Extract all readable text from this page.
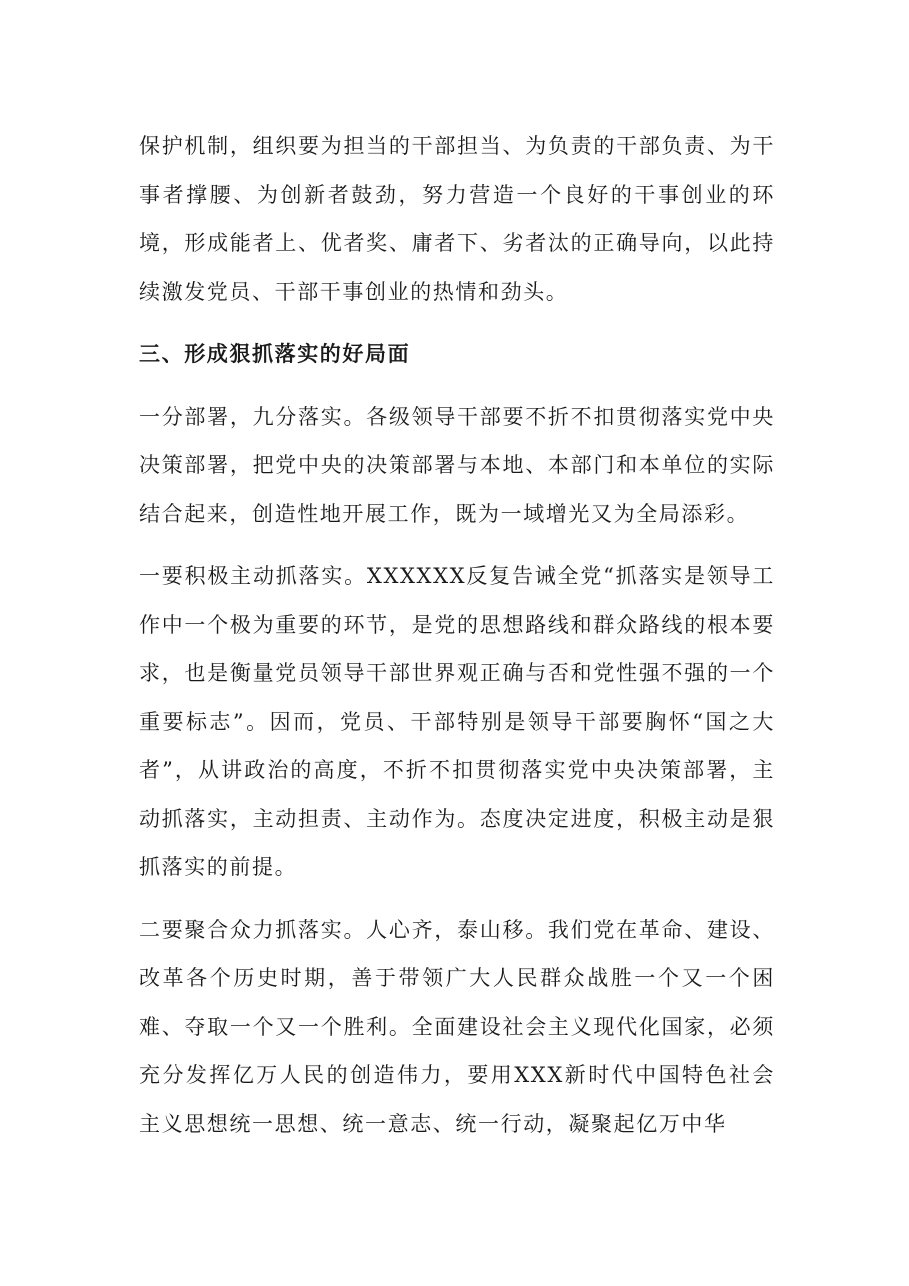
保护机制，组织要为担当的干部担当、为负责的干部负责、为干事者撑腰、为创新者鼓劲，努力营造一个良好的干事创业的环境，形成能者上、优者奖、庸者下、劣者汰的正确导向，以此持续激发党员、干部干事创业的热情和劲头。

三、形成狠抓落实的好局面

一分部署，九分落实。各级领导干部要不折不扣贯彻落实党中央决策部署，把党中央的决策部署与本地、本部门和本单位的实际结合起来，创造性地开展工作，既为一域增光又为全局添彩。

一要积极主动抓落实。XXXXXX反复告诫全党“抓落实是领导工作中一个极为重要的环节，是党的思想路线和群众路线的根本要求，也是衡量党员领导干部世界观正确与否和党性强不强的一个重要标志”。因而，党员、干部特别是领导干部要胸怀“国之大者”，从讲政治的高度，不折不扣贯彻落实党中央决策部署，主动抓落实，主动担责、主动作为。态度决定进度，积极主动是狠抓落实的前提。

二要聚合众力抓落实。人心齐，泰山移。我们党在革命、建设、改革各个历史时期，善于带领广大人民群众战胜一个又一个困难、夺取一个又一个胜利。全面建设社会主义现代化国家，必须充分发挥亿万人民的创造伟力，要用XXX新时代中国特色社会主义思想统一思想、统一意志、统一行动，凝聚起亿万中华
